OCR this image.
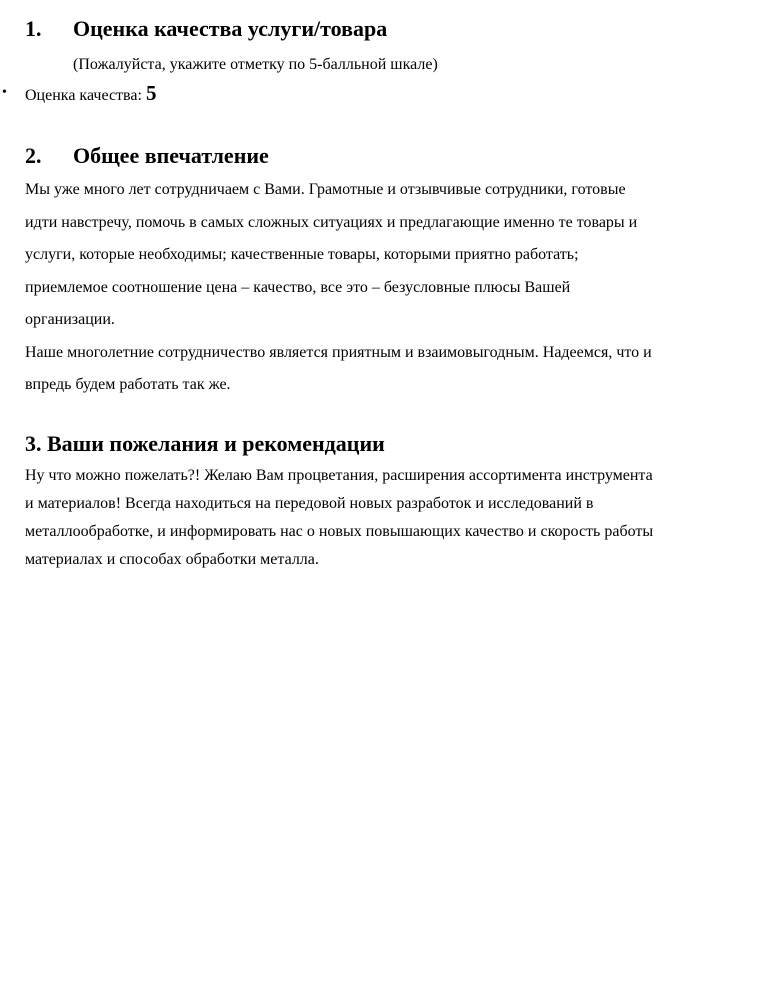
1. Оценка качества услуги/товара
(Пожалуйста, укажите отметку по 5-балльной шкале)
• Оценка качества: 5
2. Общее впечатление
Мы уже много лет сотрудничаем с Вами. Грамотные и отзывчивые сотрудники, готовые
идти навстречу, помочь в самых сложных ситуациях и предлагающие именно те товары и
услуги, которые необходимы; качественные товары, которыми приятно работать;
приемлемое соотношение цена – качество, все это – безусловные плюсы Вашей
организации.
Наше многолетние сотрудничество является приятным и взаимовыгодным. Надеемся, что и
впредь будем работать так же.
3. Ваши пожелания и рекомендации
Ну что можно пожелать?! Желаю Вам процветания, расширения ассортимента инструмента
и материалов! Всегда находиться на передовой новых разработок и исследований в
металлообработке, и информировать нас о новых повышающих качество и скорость работы
материалах и способах обработки металла.
